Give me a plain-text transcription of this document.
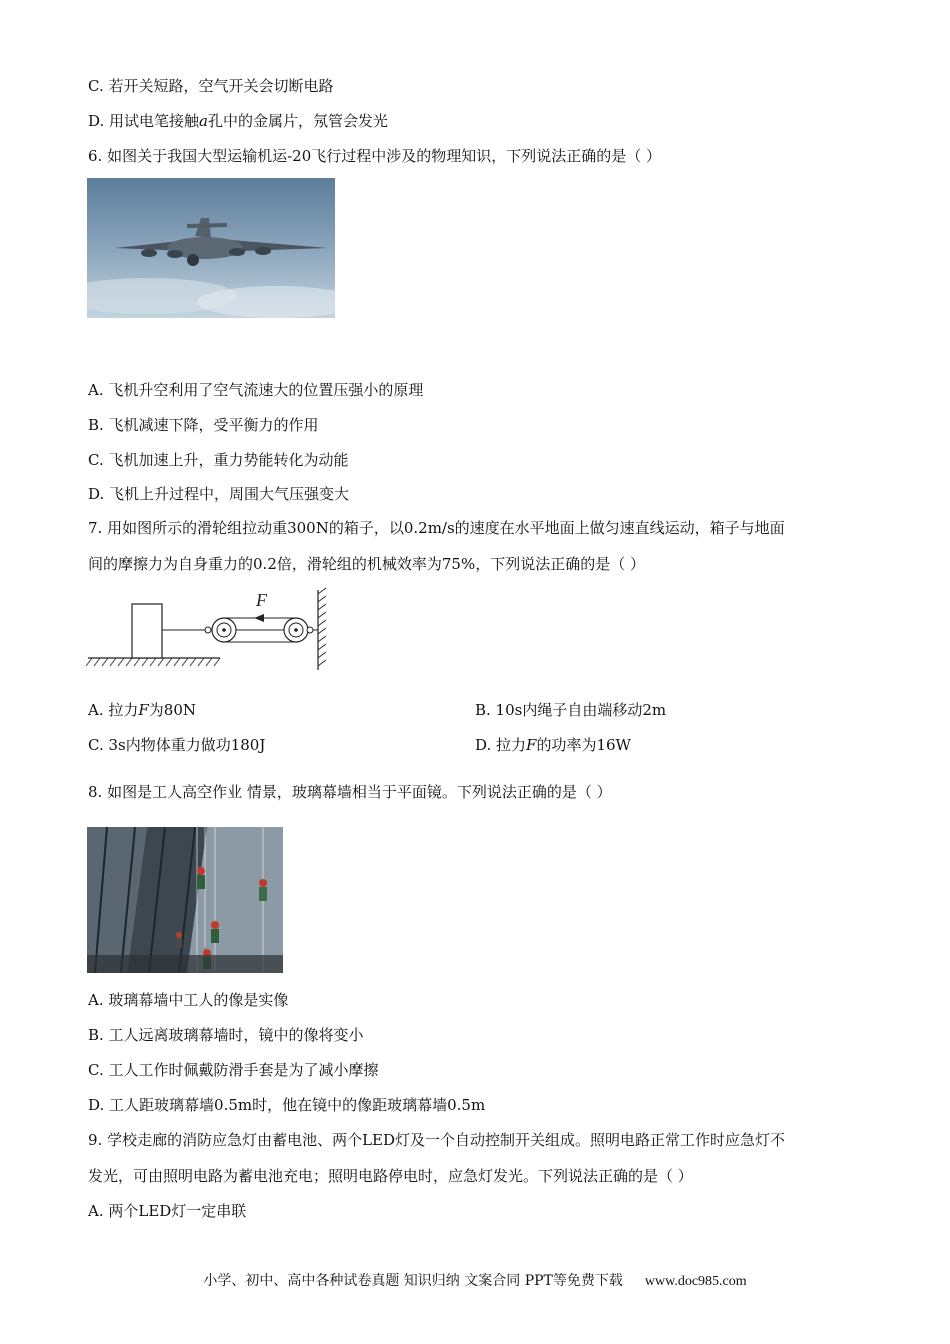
C. 若开关短路，空气开关会切断电路
D. 用试电笔接触a孔中的金属片，氖管会发光
6. 如图关于我国大型运输机运-20飞行过程中涉及的物理知识，下列说法正确的是（ ）
A. 飞机升空利用了空气流速大的位置压强小的原理
B. 飞机减速下降，受平衡力的作用
C. 飞机加速上升，重力势能转化为动能
D. 飞机上升过程中，周围大气压强变大
7. 用如图所示的滑轮组拉动重300N的箱子，以0.2m/s的速度在水平地面上做匀速直线运动，箱子与地面
间的摩擦力为自身重力的0.2倍，滑轮组的机械效率为75%，下列说法正确的是（ ）
F
A. 拉力F为80N	B. 10s内绳子自由端移动2m
C. 3s内物体重力做功180J	D. 拉力F的功率为16W
8. 如图是工人高空作业 情景，玻璃幕墙相当于平面镜。下列说法正确的是（ ）
A. 玻璃幕墙中工人的像是实像
B. 工人远离玻璃幕墙时，镜中的像将变小
C. 工人工作时佩戴防滑手套是为了减小摩擦
D. 工人距玻璃幕墙0.5m时，他在镜中的像距玻璃幕墙0.5m
9. 学校走廊的消防应急灯由蓄电池、两个LED灯及一个自动控制开关组成。照明电路正常工作时应急灯不
发光，可由照明电路为蓄电池充电；照明电路停电时，应急灯发光。下列说法正确的是（ ）
A. 两个LED灯一定串联
小学、初中、高中各种试卷真题 知识归纳 文案合同 PPT等免费下载 www.doc985.com
